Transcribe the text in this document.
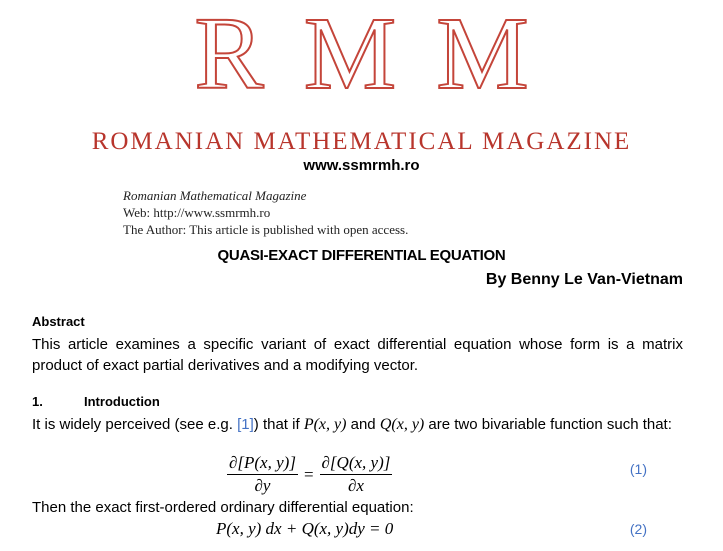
R M M
ROMANIAN MATHEMATICAL MAGAZINE
www.ssmrmh.ro
Romanian Mathematical Magazine
Web: http://www.ssmrmh.ro
The Author: This article is published with open access.
QUASI-EXACT DIFFERENTIAL EQUATION
By Benny Le Van-Vietnam
Abstract
This article examines a specific variant of exact differential equation whose form is a matrix product of exact partial derivatives and a modifying vector.
1.	Introduction
It is widely perceived (see e.g. [1]) that if P(x, y) and Q(x, y) are two bivariable function such that:
$\frac{\partial[P(x, y)]}{\partial y} = \frac{\partial[Q(x, y)]}{\partial x}$	(1)
Then the exact first-ordered ordinary differential equation:
P(x, y) dx + Q(x, y)dy = 0	(2)
